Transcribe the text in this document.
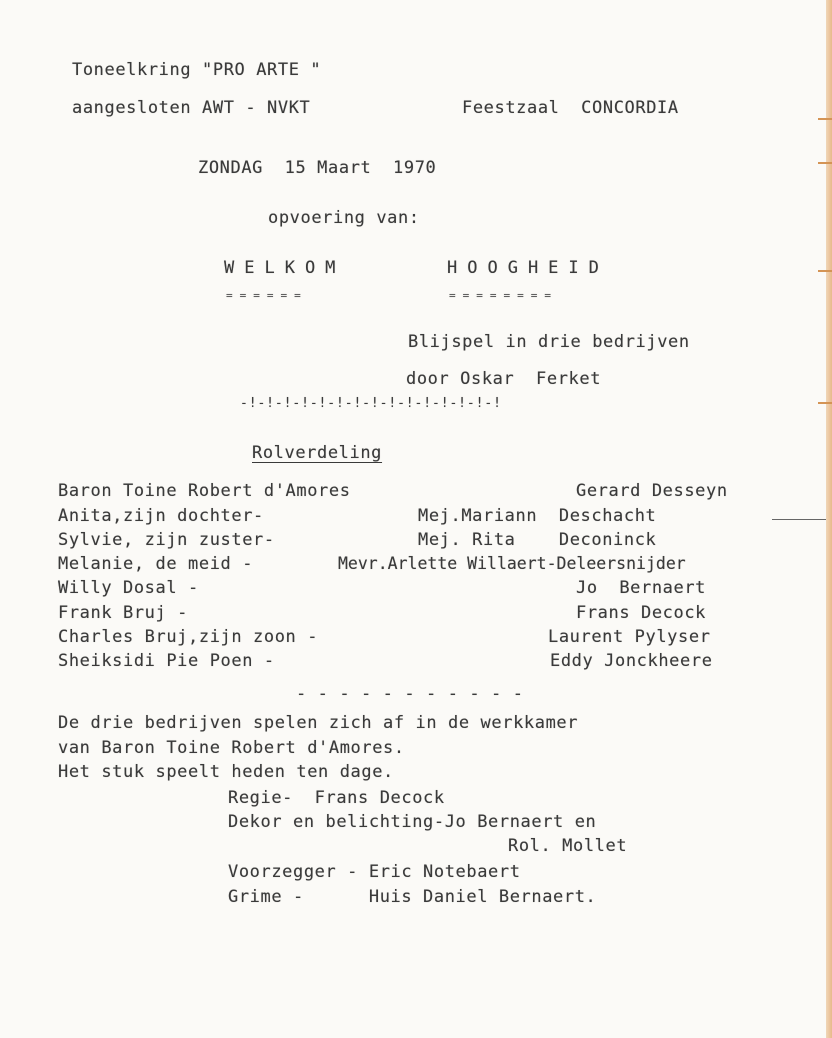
Toneelkring "PRO ARTE "
aangesloten AWT - NVKT	Feestzaal  CONCORDIA
ZONDAG  15 Maart  1970
opvoering van:
WELKOM	HOOGHEID
======	========
Blijspel in drie bedrijven
door Oskar  Ferket
-!-!-!-!-!-!-!-!-!-!-!-!-!-!-!
Rolverdeling
Baron Toine Robert d'Amores	Gerard Desseyn
Anita,zijn dochter-	Mej.Mariann  Deschacht
Sylvie, zijn zuster-	Mej. Rita    Deconinck
Melanie, de meid -	Mevr.Arlette Willaert-Deleersnijder
Willy Dosal -	Jo  Bernaert
Frank Bruj -	Frans Decock
Charles Bruj,zijn zoon -	Laurent Pylyser
Sheiksidi Pie Poen -	Eddy Jonckheere
- - - - - - - - - - -
De drie bedrijven spelen zich af in de werkkamer
van Baron Toine Robert d'Amores.
Het stuk speelt heden ten dage.
Regie-  Frans Decock
Dekor en belichting-Jo Bernaert en
Rol. Mollet
Voorzegger - Eric Notebaert
Grime -      Huis Daniel Bernaert.
